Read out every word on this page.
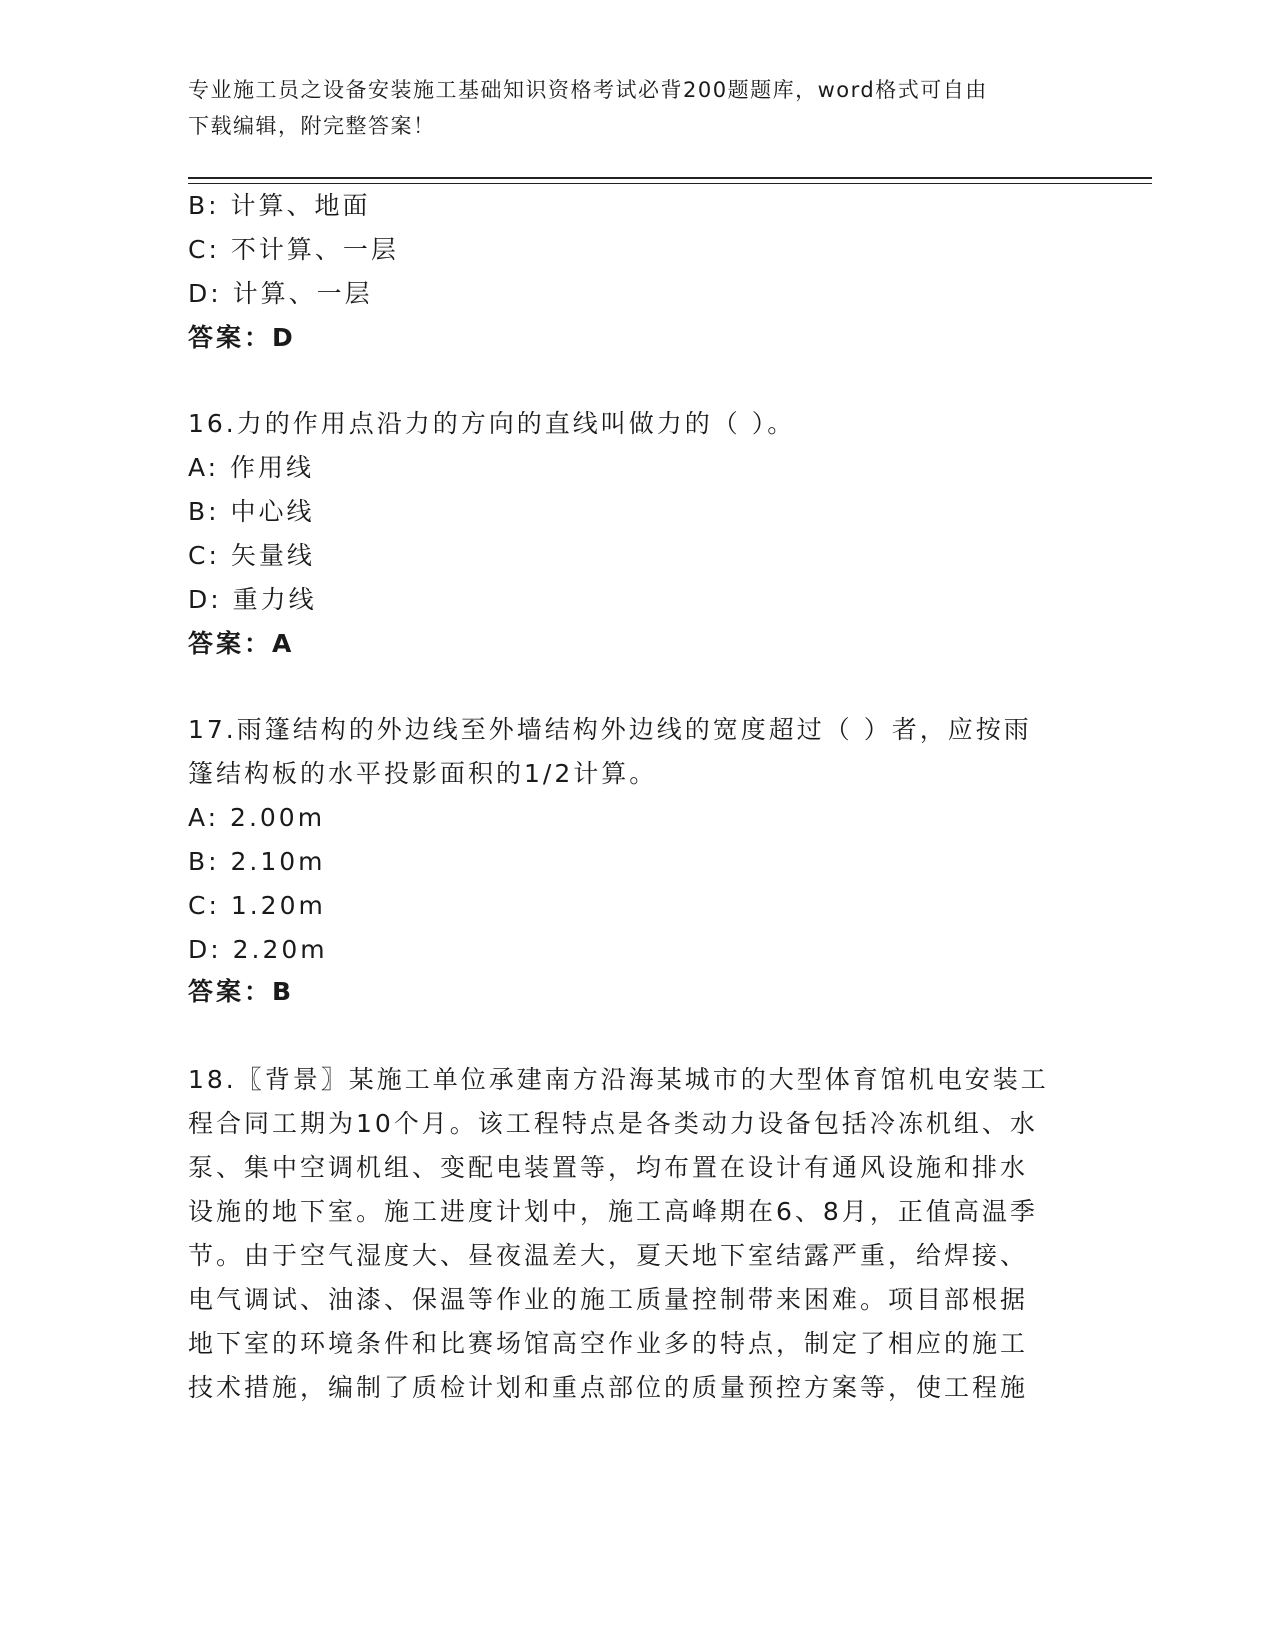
专业施工员之设备安装施工基础知识资格考试必背200题题库，word格式可自由
下载编辑，附完整答案！
B: 计算、地面
C: 不计算、一层
D: 计算、一层
答案：D
16.力的作用点沿力的方向的直线叫做力的（ ）。
A: 作用线
B: 中心线
C: 矢量线
D: 重力线
答案：A
17.雨篷结构的外边线至外墙结构外边线的宽度超过（ ）者，应按雨
篷结构板的水平投影面积的1/2计算。
A: 2.00m
B: 2.10m
C: 1.20m
D: 2.20m
答案：B
18.〖背景〗某施工单位承建南方沿海某城市的大型体育馆机电安装工
程合同工期为10个月。该工程特点是各类动力设备包括冷冻机组、水
泵、集中空调机组、变配电装置等，均布置在设计有通风设施和排水
设施的地下室。施工进度计划中，施工高峰期在6、8月，正值高温季
节。由于空气湿度大、昼夜温差大，夏天地下室结露严重，给焊接、
电气调试、油漆、保温等作业的施工质量控制带来困难。项目部根据
地下室的环境条件和比赛场馆高空作业多的特点，制定了相应的施工
技术措施，编制了质检计划和重点部位的质量预控方案等，使工程施
